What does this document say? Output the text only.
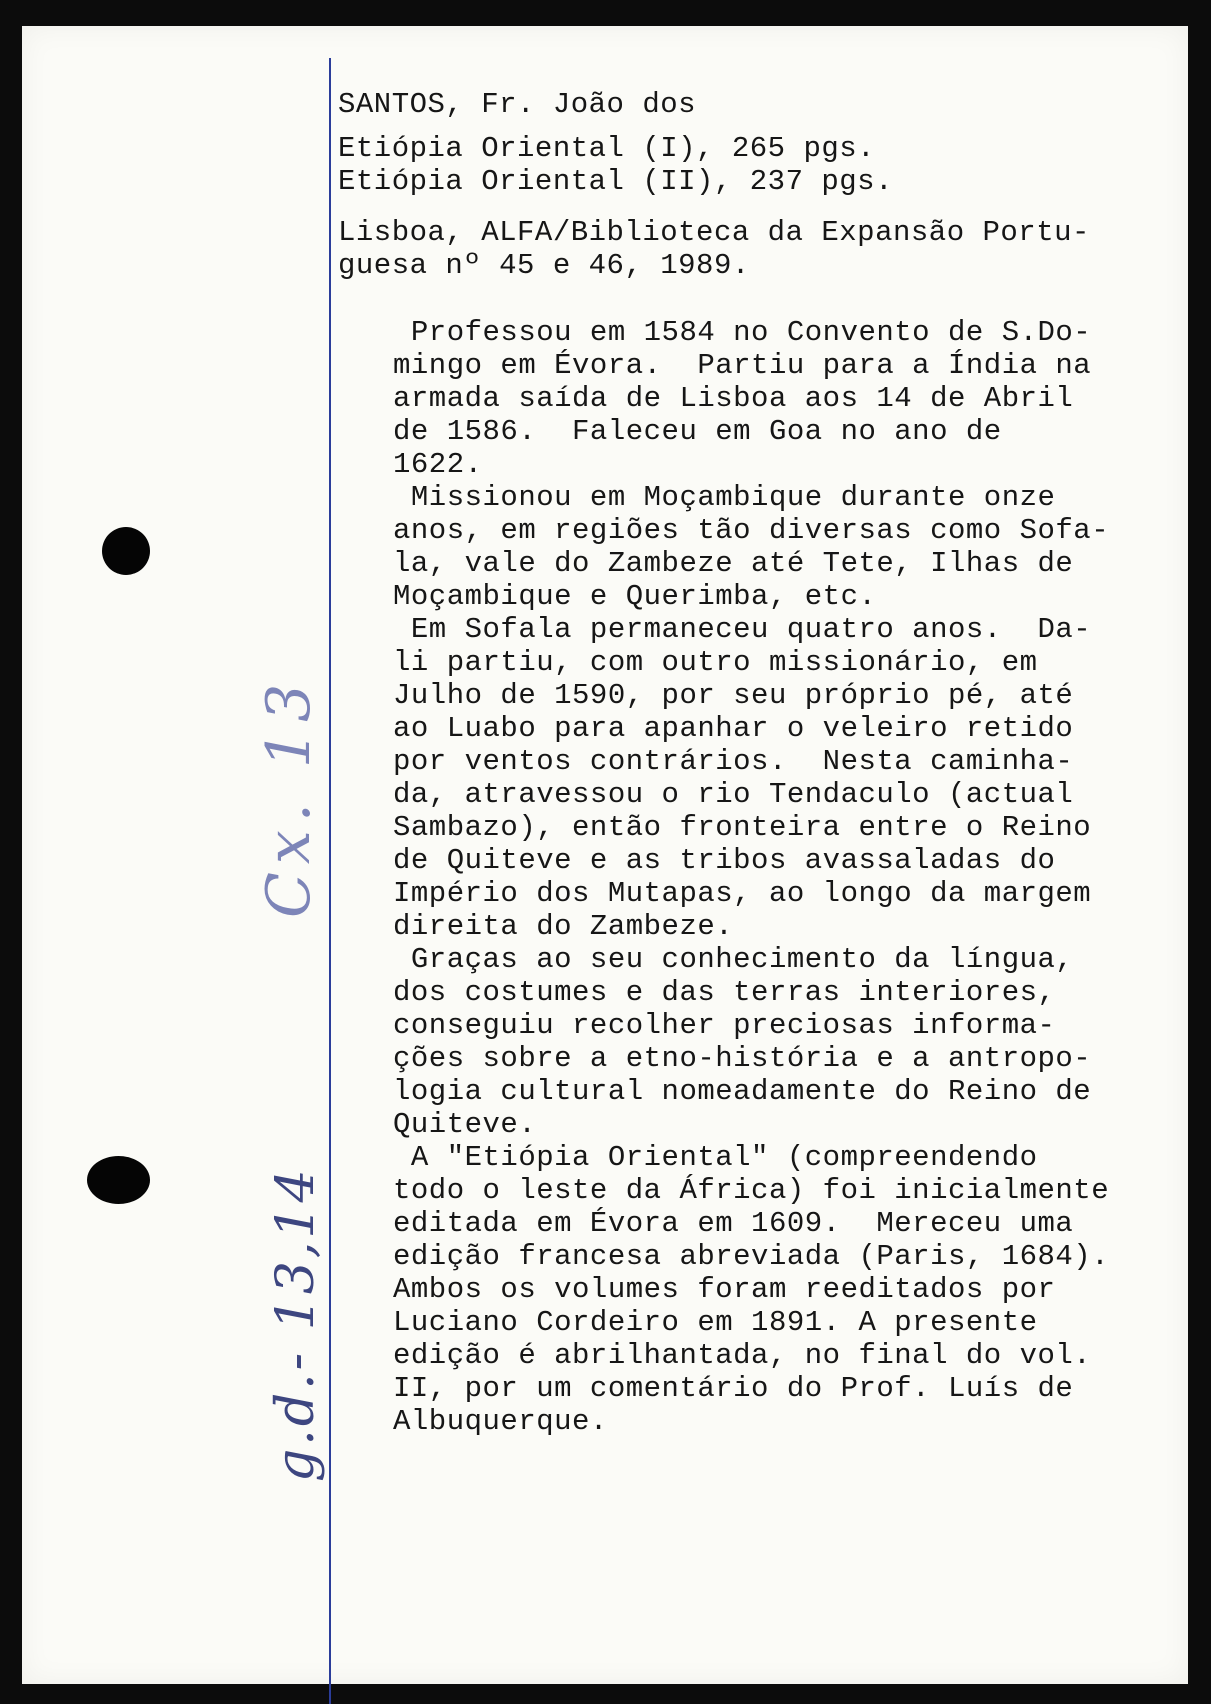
SANTOS, Fr. João dos
Etiópia Oriental (I), 265 pgs.
Etiópia Oriental (II), 237 pgs.
Lisboa, ALFA/Biblioteca da Expansão Portu-
guesa nº 45 e 46, 1989.
Professou em 1584 no Convento de S.Do-
mingo em Évora.  Partiu para a Índia na
armada saída de Lisboa aos 14 de Abril
de 1586.  Faleceu em Goa no ano de
1622.
Missionou em Moçambique durante onze
anos, em regiões tão diversas como Sofa-
la, vale do Zambeze até Tete, Ilhas de
Moçambique e Querimba, etc.
Em Sofala permaneceu quatro anos.  Da-
li partiu, com outro missionário, em
Julho de 1590, por seu próprio pé, até
ao Luabo para apanhar o veleiro retido
por ventos contrários.  Nesta caminha-
da, atravessou o rio Tendaculo (actual
Sambazo), então fronteira entre o Reino
de Quiteve e as tribos avassaladas do
Império dos Mutapas, ao longo da margem
direita do Zambeze.
Graças ao seu conhecimento da língua,
dos costumes e das terras interiores,
conseguiu recolher preciosas informa-
ções sobre a etno-história e a antropo-
logia cultural nomeadamente do Reino de
Quiteve.
A "Etiópia Oriental" (compreendendo
todo o leste da África) foi inicialmente
editada em Évora em 1609.  Mereceu uma
edição francesa abreviada (Paris, 1684).
Ambos os volumes foram reeditados por
Luciano Cordeiro em 1891. A presente
edição é abrilhantada, no final do vol.
II, por um comentário do Prof. Luís de
Albuquerque.
Cx. 13
g.d.- 13,14
